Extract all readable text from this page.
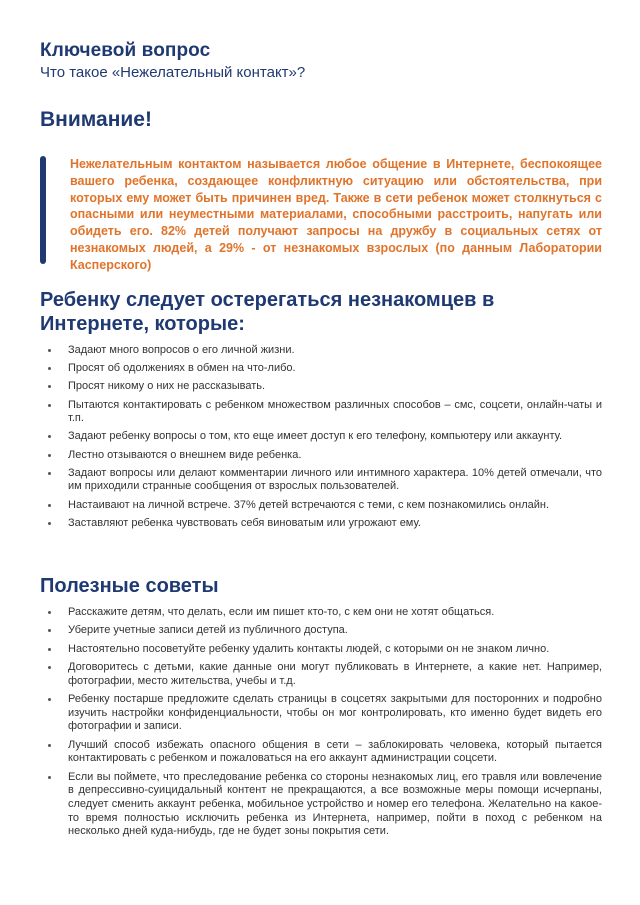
Ключевой вопрос
Что такое «Нежелательный контакт»?
Внимание!
Нежелательным контактом называется любое общение в Интернете, беспокоящее вашего ребенка, создающее конфликтную ситуацию или обстоятельства, при которых ему может быть причинен вред. Также в сети ребенок может столкнуться с опасными или неуместными материалами, способными расстроить, напугать или обидеть его. 82% детей получают запросы на дружбу в социальных сетях от незнакомых людей, а 29% - от незнакомых взрослых (по данным Лаборатории Касперского)
Ребенку следует остерегаться незнакомцев в Интернете, которые:
Задают много вопросов о его личной жизни.
Просят об одолжениях в обмен на что-либо.
Просят никому о них не рассказывать.
Пытаются контактировать с ребенком множеством различных способов – смс, соцсети, онлайн-чаты и т.п.
Задают ребенку вопросы о том, кто еще имеет доступ к его телефону, компьютеру или аккаунту.
Лестно отзываются о внешнем виде ребенка.
Задают вопросы или делают комментарии личного или интимного характера. 10% детей отмечали, что им приходили странные сообщения от взрослых пользователей.
Настаивают на личной встрече. 37% детей встречаются с теми, с кем познакомились онлайн.
Заставляют ребенка чувствовать себя виноватым или угрожают ему.
Полезные советы
Расскажите детям, что делать, если им пишет кто-то, с кем они не хотят общаться.
Уберите учетные записи детей из публичного доступа.
Настоятельно посоветуйте ребенку удалить контакты людей, с которыми он не знаком лично.
Договоритесь с детьми, какие данные они могут публиковать в Интернете, а какие нет. Например, фотографии, место жительства, учебы и т.д.
Ребенку постарше предложите сделать страницы в соцсетях закрытыми для посторонних и подробно изучить настройки конфиденциальности, чтобы он мог контролировать, кто именно будет видеть его фотографии и записи.
Лучший способ избежать опасного общения в сети – заблокировать человека, который пытается контактировать с ребенком и пожаловаться на его аккаунт администрации соцсети.
Если вы поймете, что преследование ребенка со стороны незнакомых лиц, его травля или вовлечение в депрессивно-суицидальный контент не прекращаются, а все возможные меры помощи исчерпаны, следует сменить аккаунт ребенка, мобильное устройство и номер его телефона. Желательно на какое-то время полностью исключить ребенка из Интернета, например, пойти в поход с ребенком на несколько дней куда-нибудь, где не будет зоны покрытия сети.
